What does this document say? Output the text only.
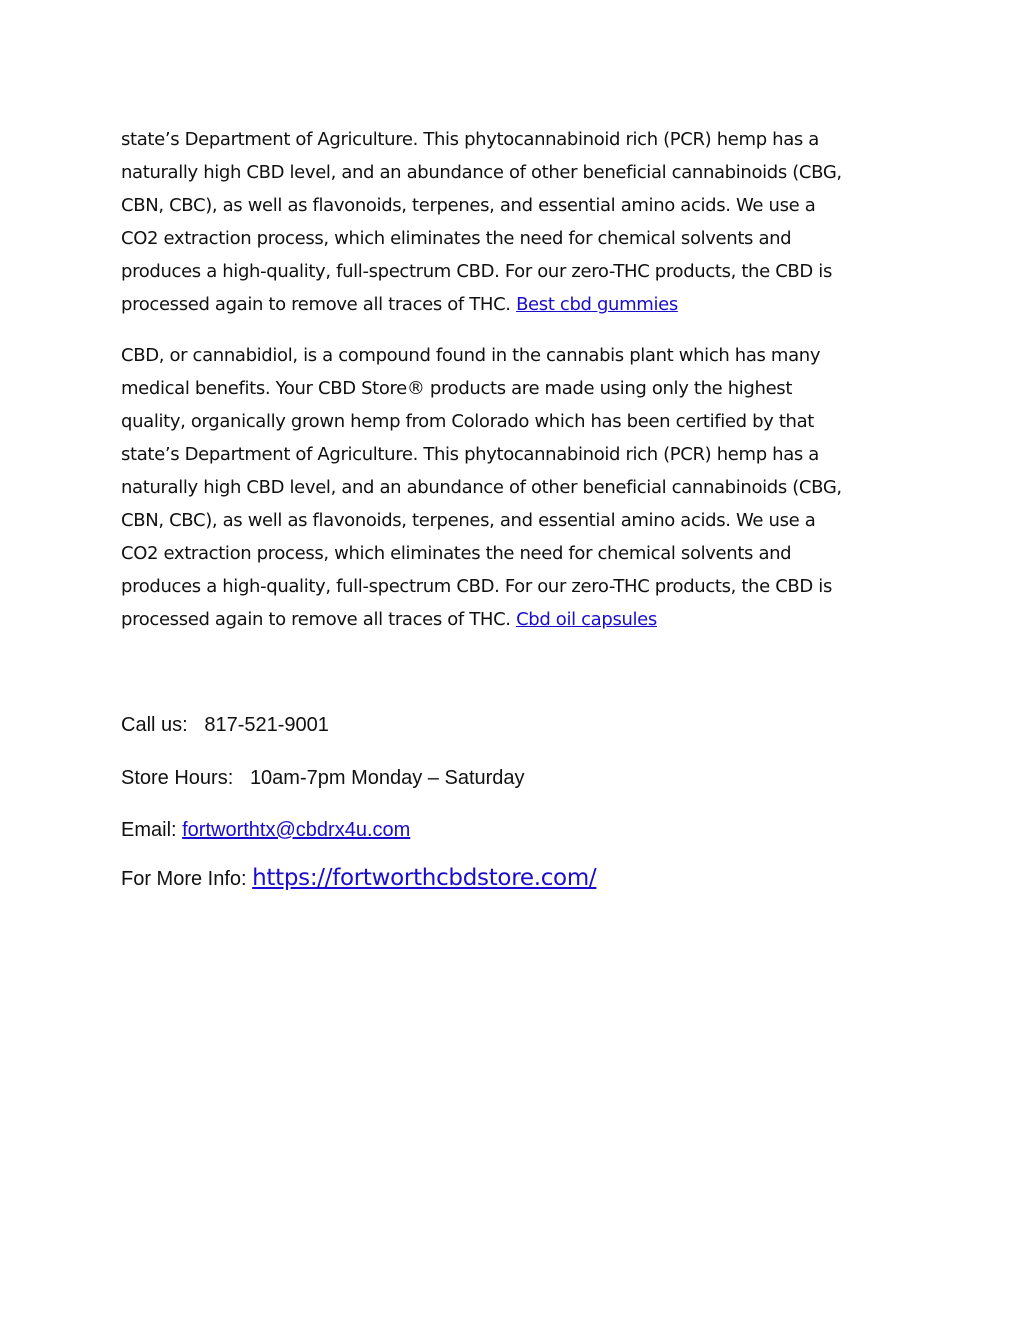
state’s Department of Agriculture. This phytocannabinoid rich (PCR) hemp has a
naturally high CBD level, and an abundance of other beneficial cannabinoids (CBG,
CBN, CBC), as well as flavonoids, terpenes, and essential amino acids. We use a
CO2 extraction process, which eliminates the need for chemical solvents and
produces a high-quality, full-spectrum CBD. For our zero-THC products, the CBD is
processed again to remove all traces of THC. Best cbd gummies

CBD, or cannabidiol, is a compound found in the cannabis plant which has many
medical benefits. Your CBD Store® products are made using only the highest
quality, organically grown hemp from Colorado which has been certified by that
state’s Department of Agriculture. This phytocannabinoid rich (PCR) hemp has a
naturally high CBD level, and an abundance of other beneficial cannabinoids (CBG,
CBN, CBC), as well as flavonoids, terpenes, and essential amino acids. We use a
CO2 extraction process, which eliminates the need for chemical solvents and
produces a high-quality, full-spectrum CBD. For our zero-THC products, the CBD is
processed again to remove all traces of THC. Cbd oil capsules

Call us:   817-521-9001
Store Hours:   10am-7pm Monday – Saturday
Email: fortworthtx@cbdrx4u.com
For More Info: https://fortworthcbdstore.com/
